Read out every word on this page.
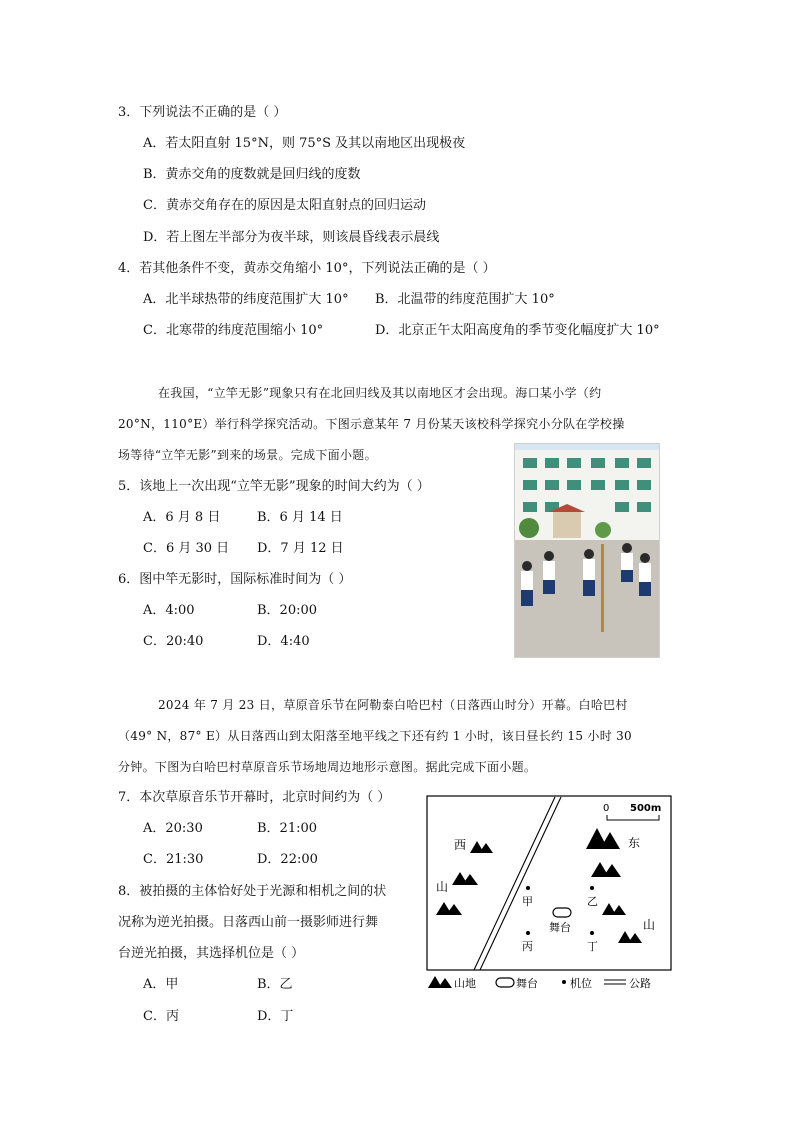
3．下列说法不正确的是（ ）
A．若太阳直射 15°N，则 75°S 及其以南地区出现极夜
B．黄赤交角的度数就是回归线的度数
C．黄赤交角存在的原因是太阳直射点的回归运动
D．若上图左半部分为夜半球，则该晨昏线表示晨线
4．若其他条件不变，黄赤交角缩小 10°，下列说法正确的是（ ）
A．北半球热带的纬度范围扩大 10° B．北温带的纬度范围扩大 10°
C．北寒带的纬度范围缩小 10°	D．北京正午太阳高度角的季节变化幅度扩大 10°
在我国，“立竿无影”现象只有在北回归线及其以南地区才会出现。海口某小学（约
20°N，110°E）举行科学探究活动。下图示意某年 7 月份某天该校科学探究小分队在学校操
场等待“立竿无影”到来的场景。完成下面小题。
5．该地上一次出现“立竿无影”现象的时间大约为（ ）
A．6 月 8 日	B．6 月 14 日
C．6 月 30 日 D．7 月 12 日
6．图中竿无影时，国际标准时间为（ ）
A．4:00	B．20:00
C．20:40	D．4:40
2024 年 7 月 23 日，草原音乐节在阿勒泰白哈巴村（日落西山时分）开幕。白哈巴村
（49° N，87° E）从日落西山到太阳落至地平线之下还有约 1 小时，该日昼长约 15 小时 30
分钟。下图为白哈巴村草原音乐节场地周边地形示意图。据此完成下面小题。
7．本次草原音乐节开幕时，北京时间约为（ ）
A．20:30	B．21:00
C．21:30	D．22:00
8．被拍摄的主体恰好处于光源和相机之间的状
况称为逆光拍摄。日落西山前一摄影师进行舞
台逆光拍摄，其选择机位是（ ）
A．甲	B．乙
C．丙	D．丁
0 500m
西
山
东
山
甲	乙
丙	丁
舞台
山地	舞台	机位	公路
